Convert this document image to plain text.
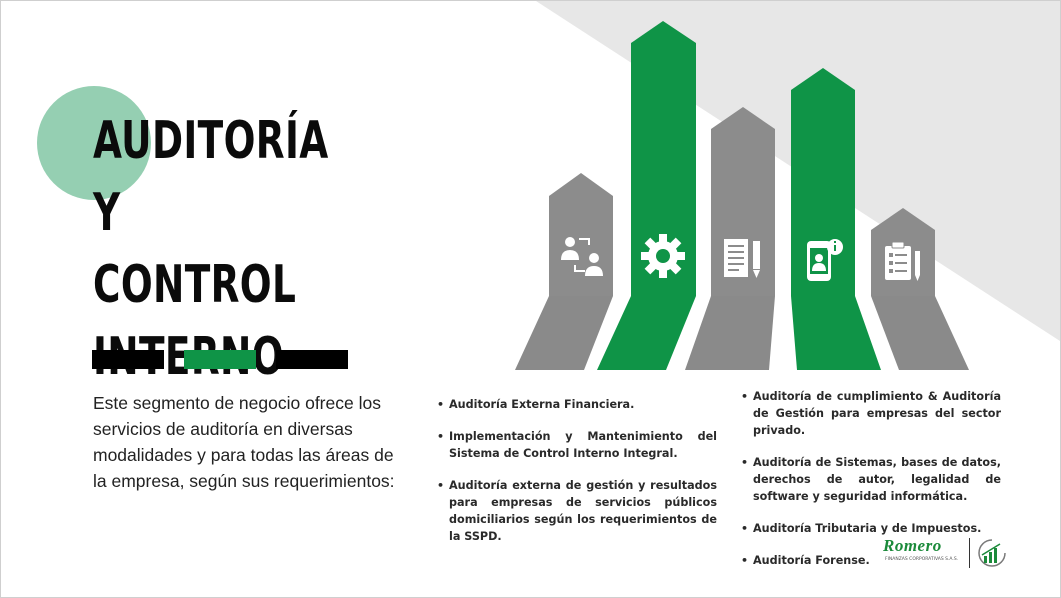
AUDITORÍA Y
CONTROL

Este segmento de negocio ofrece los servicios de auditoría en diversas modalidades y para todas las áreas de la empresa, según sus requerimientos:

• Auditoría Externa Financiera.
• Implementación y Mantenimiento del Sistema de Control Interno Integral.
• Auditoría externa de gestión y resultados para empresas de servicios públicos domiciliarios según los requerimientos de la SSPD.
• Auditoría de cumplimiento & Auditoría de Gestión para empresas del sector privado.
• Auditoría de Sistemas, bases de datos, derechos de autor, legalidad de software y seguridad informática.
• Auditoría Tributaria y de Impuestos.
• Auditoría Forense.
Romero
FINANZAS CORPORATIVAS S.A.S.
